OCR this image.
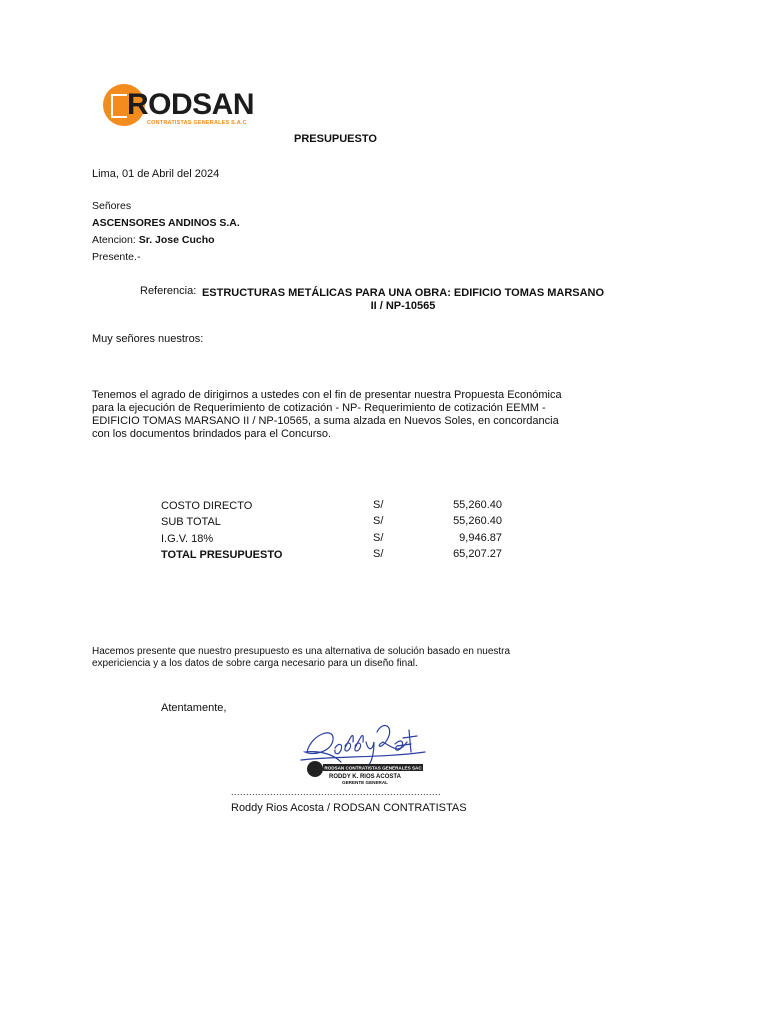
RODSAN
CONTRATISTAS GENERALES S.A.C
PRESUPUESTO
Lima, 01 de Abril del 2024
Señores
ASCENSORES ANDINOS S.A.
Atencion: Sr. Jose Cucho
Presente.-
Referencia: ESTRUCTURAS METÁLICAS PARA UNA OBRA: EDIFICIO TOMAS MARSANO II / NP-10565
Muy señores nuestros:
Tenemos el agrado de dirigirnos a ustedes con el fin de presentar nuestra Propuesta Económica para la ejecución de Requerimiento de cotización - NP- Requerimiento de cotización EEMM - EDIFICIO TOMAS MARSANO II / NP-10565, a suma alzada en Nuevos Soles, en concordancia con los documentos brindados para el Concurso.
COSTO DIRECTO	S/	55,260.40
SUB TOTAL	S/	55,260.40
I.G.V. 18%	S/	9,946.87
TOTAL PRESUPUESTO	S/	65,207.27
Hacemos presente que nuestro presupuesto es una alternativa de solución basado en nuestra expericiencia y a los datos de sobre carga necesario para un diseño final.
Atentamente,
RODSAN CONTRATISTAS GENERALES SAC
RODDY K. RIOS ACOSTA
GERENTE GENERAL
......................................................................
Roddy Rios Acosta / RODSAN CONTRATISTAS
